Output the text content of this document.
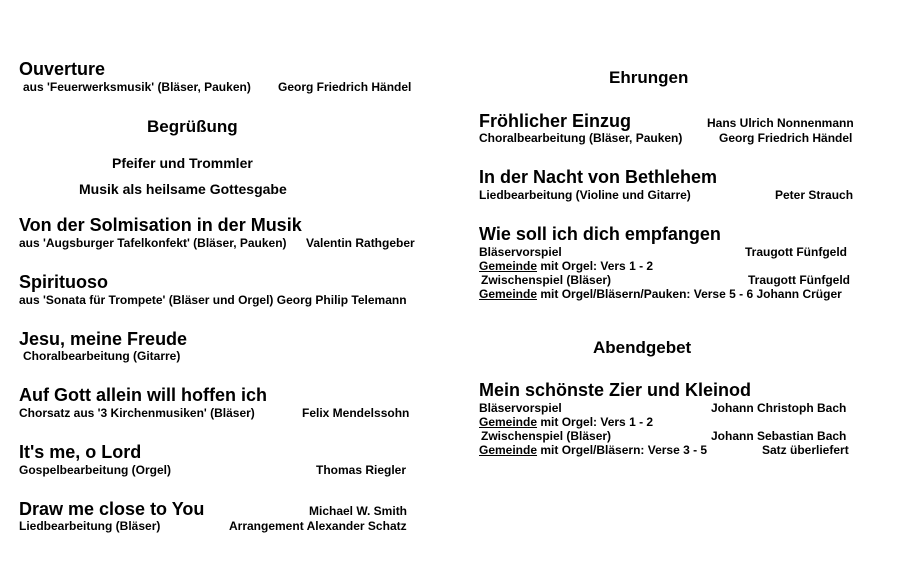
Ouverture
aus 'Feuerwerksmusik' (Bläser, Pauken) Georg Friedrich Händel
Begrüßung
Pfeifer und Trommler
Musik als heilsame Gottesgabe
Von der Solmisation in der Musik
aus 'Augsburger Tafelkonfekt' (Bläser, Pauken) Valentin Rathgeber
Spirituoso
aus 'Sonata für Trompete' (Bläser und Orgel) Georg Philip Telemann
Jesu, meine Freude
Choralbearbeitung (Gitarre)
Auf Gott allein will hoffen ich
Chorsatz aus '3 Kirchenmusiken' (Bläser)	Felix Mendelssohn
It's me, o Lord
Gospelbearbeitung (Orgel)	Thomas Riegler
Draw me close to You	Michael W. Smith
Liedbearbeitung (Bläser)	Arrangement Alexander Schatz
Ehrungen
Fröhlicher Einzug	Hans Ulrich Nonnenmann
Choralbearbeitung (Bläser, Pauken)	Georg Friedrich Händel
In der Nacht von Bethlehem
Liedbearbeitung (Violine und Gitarre)	Peter Strauch
Wie soll ich dich empfangen
Bläservorspiel	Traugott Fünfgeld
Gemeinde mit Orgel: Vers 1 - 2
Zwischenspiel (Bläser)	Traugott Fünfgeld
Gemeinde mit Orgel/Bläsern/Pauken: Verse 5 - 6 Johann Crüger
Abendgebet
Mein schönste Zier und Kleinod
Bläservorspiel	Johann Christoph Bach
Gemeinde mit Orgel: Vers 1 - 2
Zwischenspiel (Bläser)	Johann Sebastian Bach
Gemeinde mit Orgel/Bläsern: Verse 3 - 5	Satz überliefert
